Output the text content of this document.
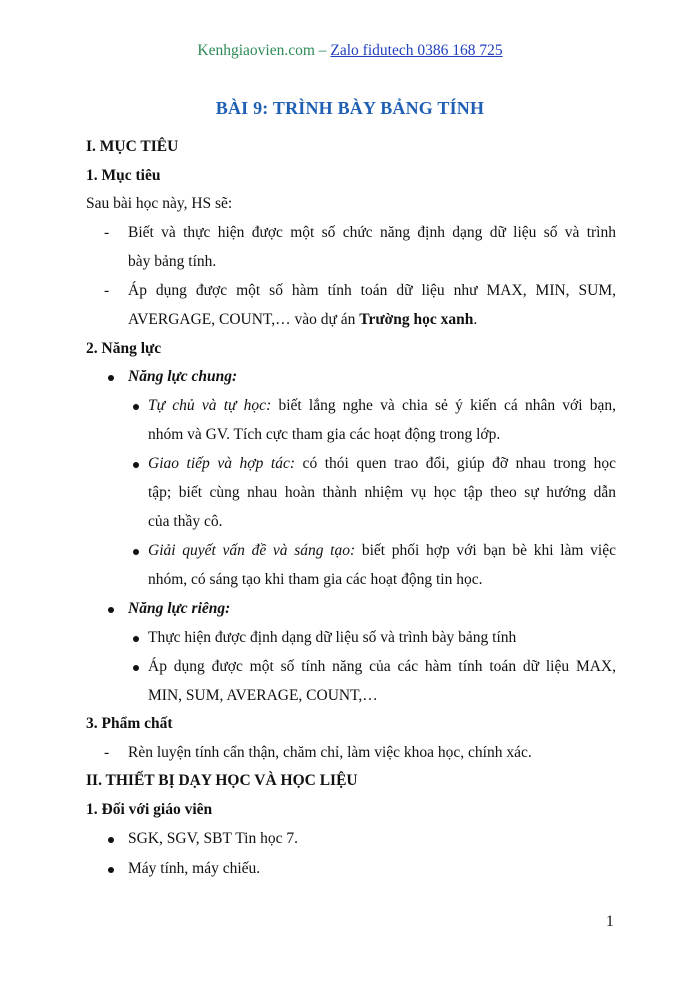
Kenhgiaovien.com – Zalo fidutech 0386 168 725
BÀI 9: TRÌNH BÀY BẢNG TÍNH
I. MỤC TIÊU
1. Mục tiêu
Sau bài học này, HS sẽ:
- Biết và thực hiện được một số chức năng định dạng dữ liệu số và trình
bày bảng tính.
- Áp dụng được một số hàm tính toán dữ liệu như MAX, MIN, SUM,
AVERGAGE, COUNT,… vào dự án Trường học xanh.
2. Năng lực
Năng lực chung:
Tự chủ và tự học: biết lắng nghe và chia sẻ ý kiến cá nhân với bạn,
nhóm và GV. Tích cực tham gia các hoạt động trong lớp.
Giao tiếp và hợp tác: có thói quen trao đổi, giúp đỡ nhau trong học
tập; biết cùng nhau hoàn thành nhiệm vụ học tập theo sự hướng dẫn
của thầy cô.
Giải quyết vấn đề và sáng tạo: biết phối hợp với bạn bè khi làm việc
nhóm, có sáng tạo khi tham gia các hoạt động tin học.
Năng lực riêng:
Thực hiện được định dạng dữ liệu số và trình bày bảng tính
Áp dụng được một số tính năng của các hàm tính toán dữ liệu MAX,
MIN, SUM, AVERAGE, COUNT,…
3. Phẩm chất
- Rèn luyện tính cẩn thận, chăm chỉ, làm việc khoa học, chính xác.
II. THIẾT BỊ DẠY HỌC VÀ HỌC LIỆU
1. Đối với giáo viên
SGK, SGV, SBT Tin học 7.
Máy tính, máy chiếu.
1
